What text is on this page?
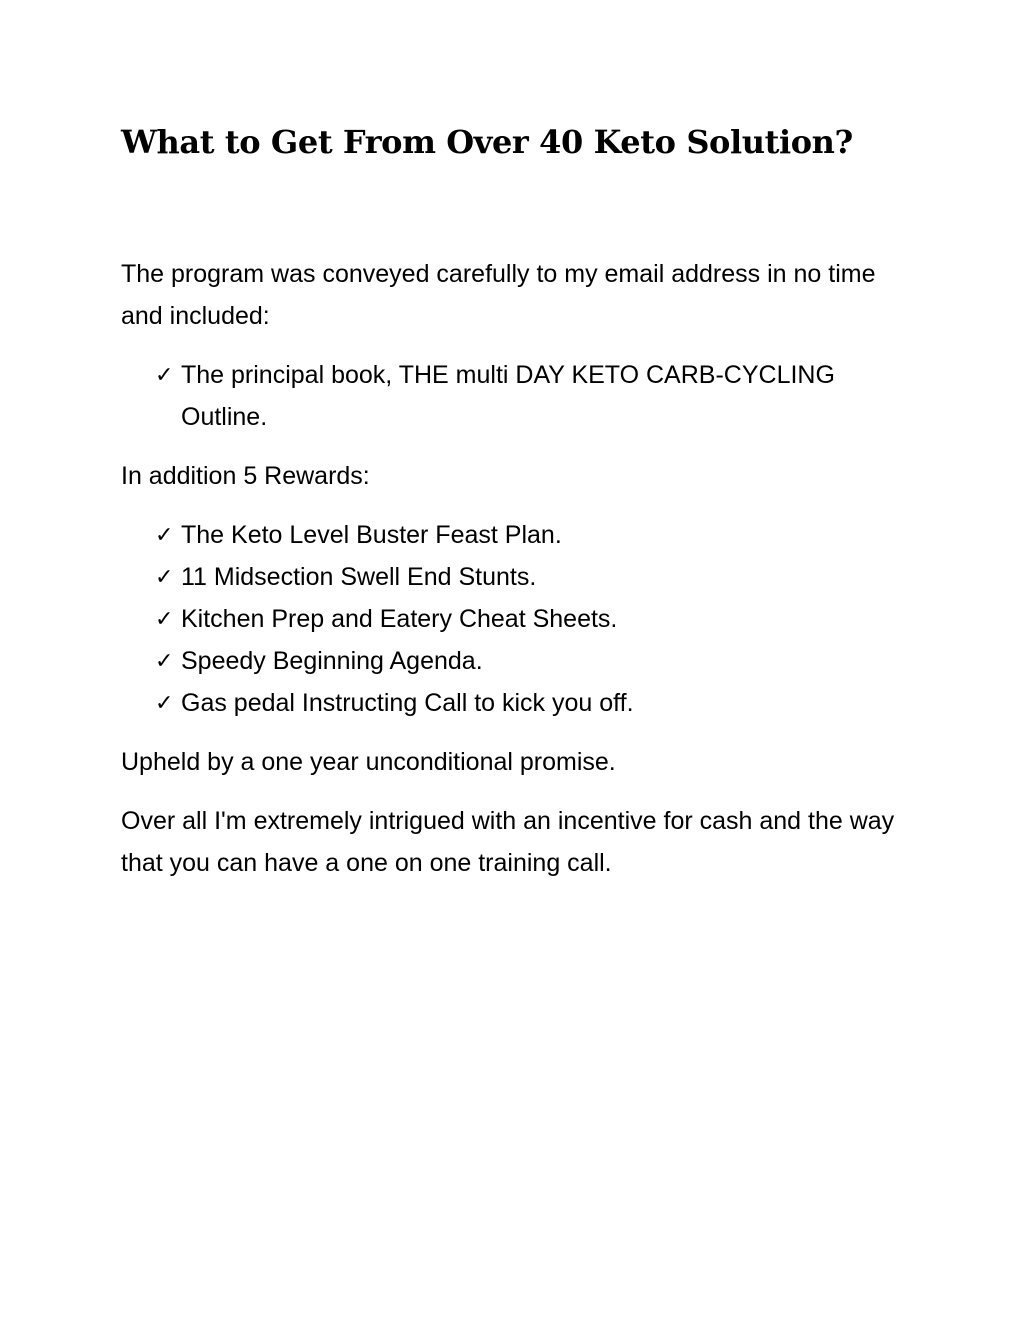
What to Get From Over 40 Keto Solution?

The program was conveyed carefully to my email address in no time and included:

✓ The principal book, THE multi DAY KETO CARB-CYCLING Outline.

In addition 5 Rewards:

✓ The Keto Level Buster Feast Plan.
✓ 11 Midsection Swell End Stunts.
✓ Kitchen Prep and Eatery Cheat Sheets.
✓ Speedy Beginning Agenda.
✓ Gas pedal Instructing Call to kick you off.

Upheld by a one year unconditional promise.

Over all I'm extremely intrigued with an incentive for cash and the way that you can have a one on one training call.
